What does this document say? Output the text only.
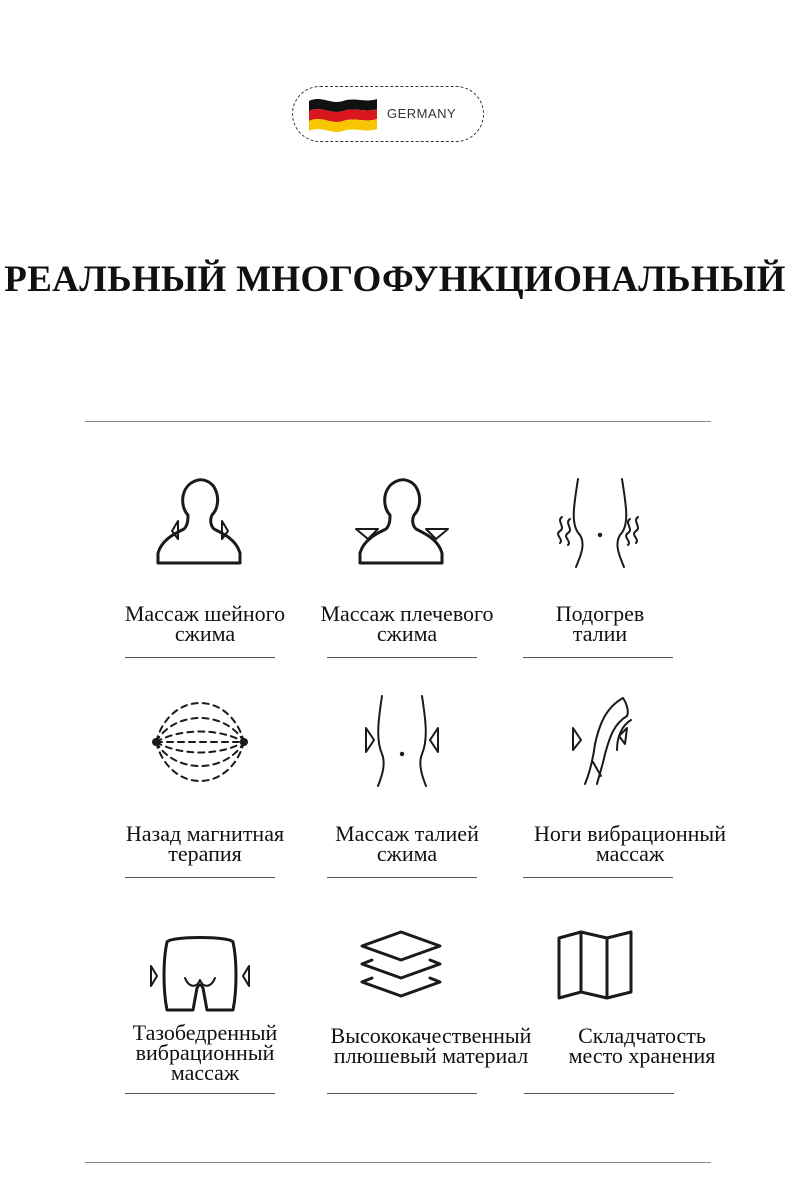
GERMANY
РЕАЛЬНЫЙ МНОГОФУНКЦИОНАЛЬНЫЙ
Массаж шейного
сжима
Массаж плечевого
сжима
Подогрев
талии
Назад магнитная
терапия
Массаж талией
сжима
Ноги вибрационный
массаж
Тазобедренный
вибрационный
массаж
Высококачественный
плюшевый материал
Складчатость
место хранения
